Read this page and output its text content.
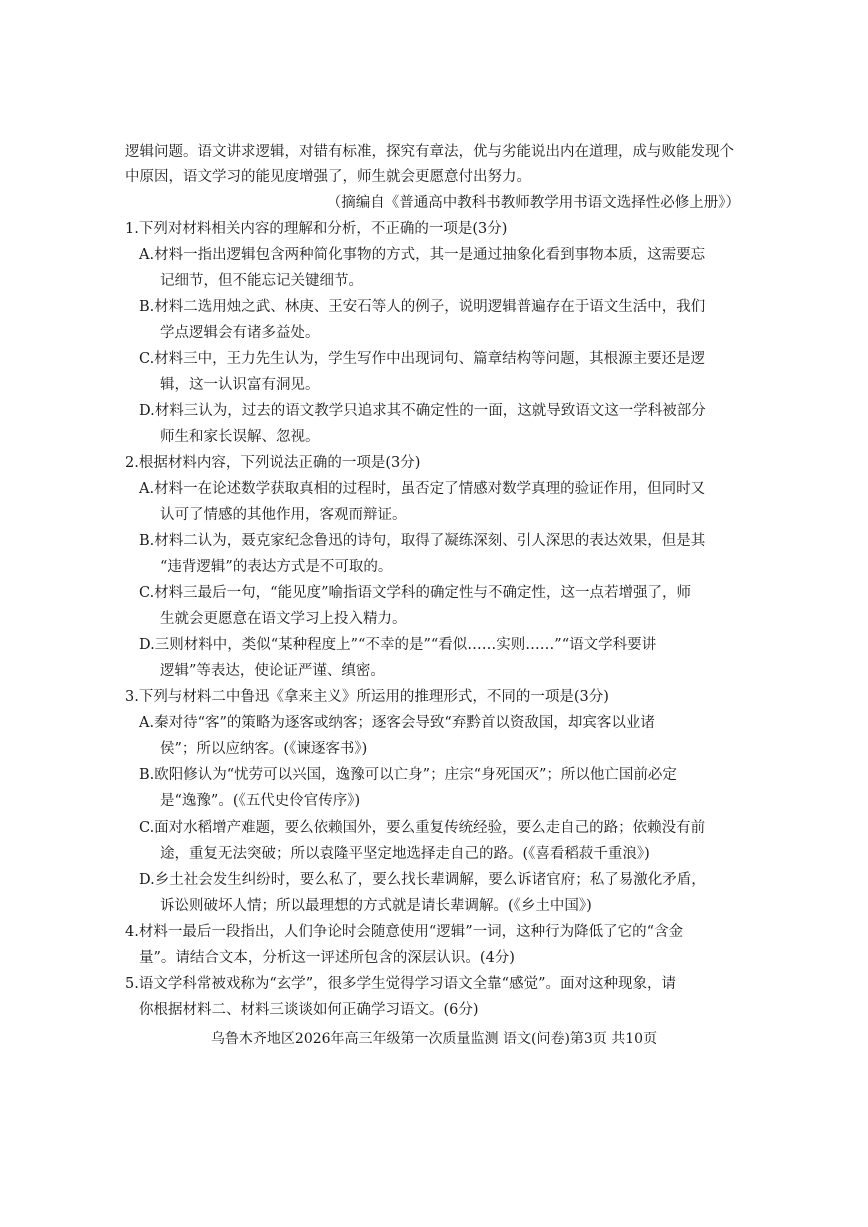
逻辑问题。语文讲求逻辑，对错有标准，探究有章法，优与劣能说出内在道理，成与败能发现个
中原因，语文学习的能见度增强了，师生就会更愿意付出努力。
（摘编自《普通高中教科书教师教学用书语文选择性必修上册》）
1.下列对材料相关内容的理解和分析，不正确的一项是(3分)
A.材料一指出逻辑包含两种简化事物的方式，其一是通过抽象化看到事物本质，这需要忘
记细节，但不能忘记关键细节。
B.材料二选用烛之武、林庚、王安石等人的例子，说明逻辑普遍存在于语文生活中，我们
学点逻辑会有诸多益处。
C.材料三中，王力先生认为，学生写作中出现词句、篇章结构等问题，其根源主要还是逻
辑，这一认识富有洞见。
D.材料三认为，过去的语文教学只追求其不确定性的一面，这就导致语文这一学科被部分
师生和家长误解、忽视。
2.根据材料内容，下列说法正确的一项是(3分)
A.材料一在论述数学获取真相的过程时，虽否定了情感对数学真理的验证作用，但同时又
认可了情感的其他作用，客观而辩证。
B.材料二认为，聂克家纪念鲁迅的诗句，取得了凝练深刻、引人深思的表达效果，但是其
“违背逻辑”的表达方式是不可取的。
C.材料三最后一句，“能见度”喻指语文学科的确定性与不确定性，这一点若增强了，师
生就会更愿意在语文学习上投入精力。
D.三则材料中，类似“某种程度上”“不幸的是”“看似……实则……”“语文学科要讲
逻辑”等表达，使论证严谨、缜密。
3.下列与材料二中鲁迅《拿来主义》所运用的推理形式，不同的一项是(3分)
A.秦对待“客”的策略为逐客或纳客；逐客会导致“弃黔首以资敌国，却宾客以业诸
侯”；所以应纳客。(《谏逐客书》)
B.欧阳修认为“忧劳可以兴国，逸豫可以亡身”；庄宗“身死国灭”；所以他亡国前必定
是“逸豫”。(《五代史伶官传序》)
C.面对水稻增产难题，要么依赖国外，要么重复传统经验，要么走自己的路；依赖没有前
途，重复无法突破；所以袁隆平坚定地选择走自己的路。(《喜看稻菽千重浪》)
D.乡土社会发生纠纷时，要么私了，要么找长辈调解，要么诉诸官府；私了易激化矛盾，
诉讼则破坏人情；所以最理想的方式就是请长辈调解。(《乡土中国》)
4.材料一最后一段指出，人们争论时会随意使用“逻辑”一词，这种行为降低了它的“含金
量”。请结合文本，分析这一评述所包含的深层认识。(4分)
5.语文学科常被戏称为“玄学”，很多学生觉得学习语文全靠“感觉”。面对这种现象，请
你根据材料二、材料三谈谈如何正确学习语文。(6分)
乌鲁木齐地区2026年高三年级第一次质量监测 语文(问卷)第3页 共10页
